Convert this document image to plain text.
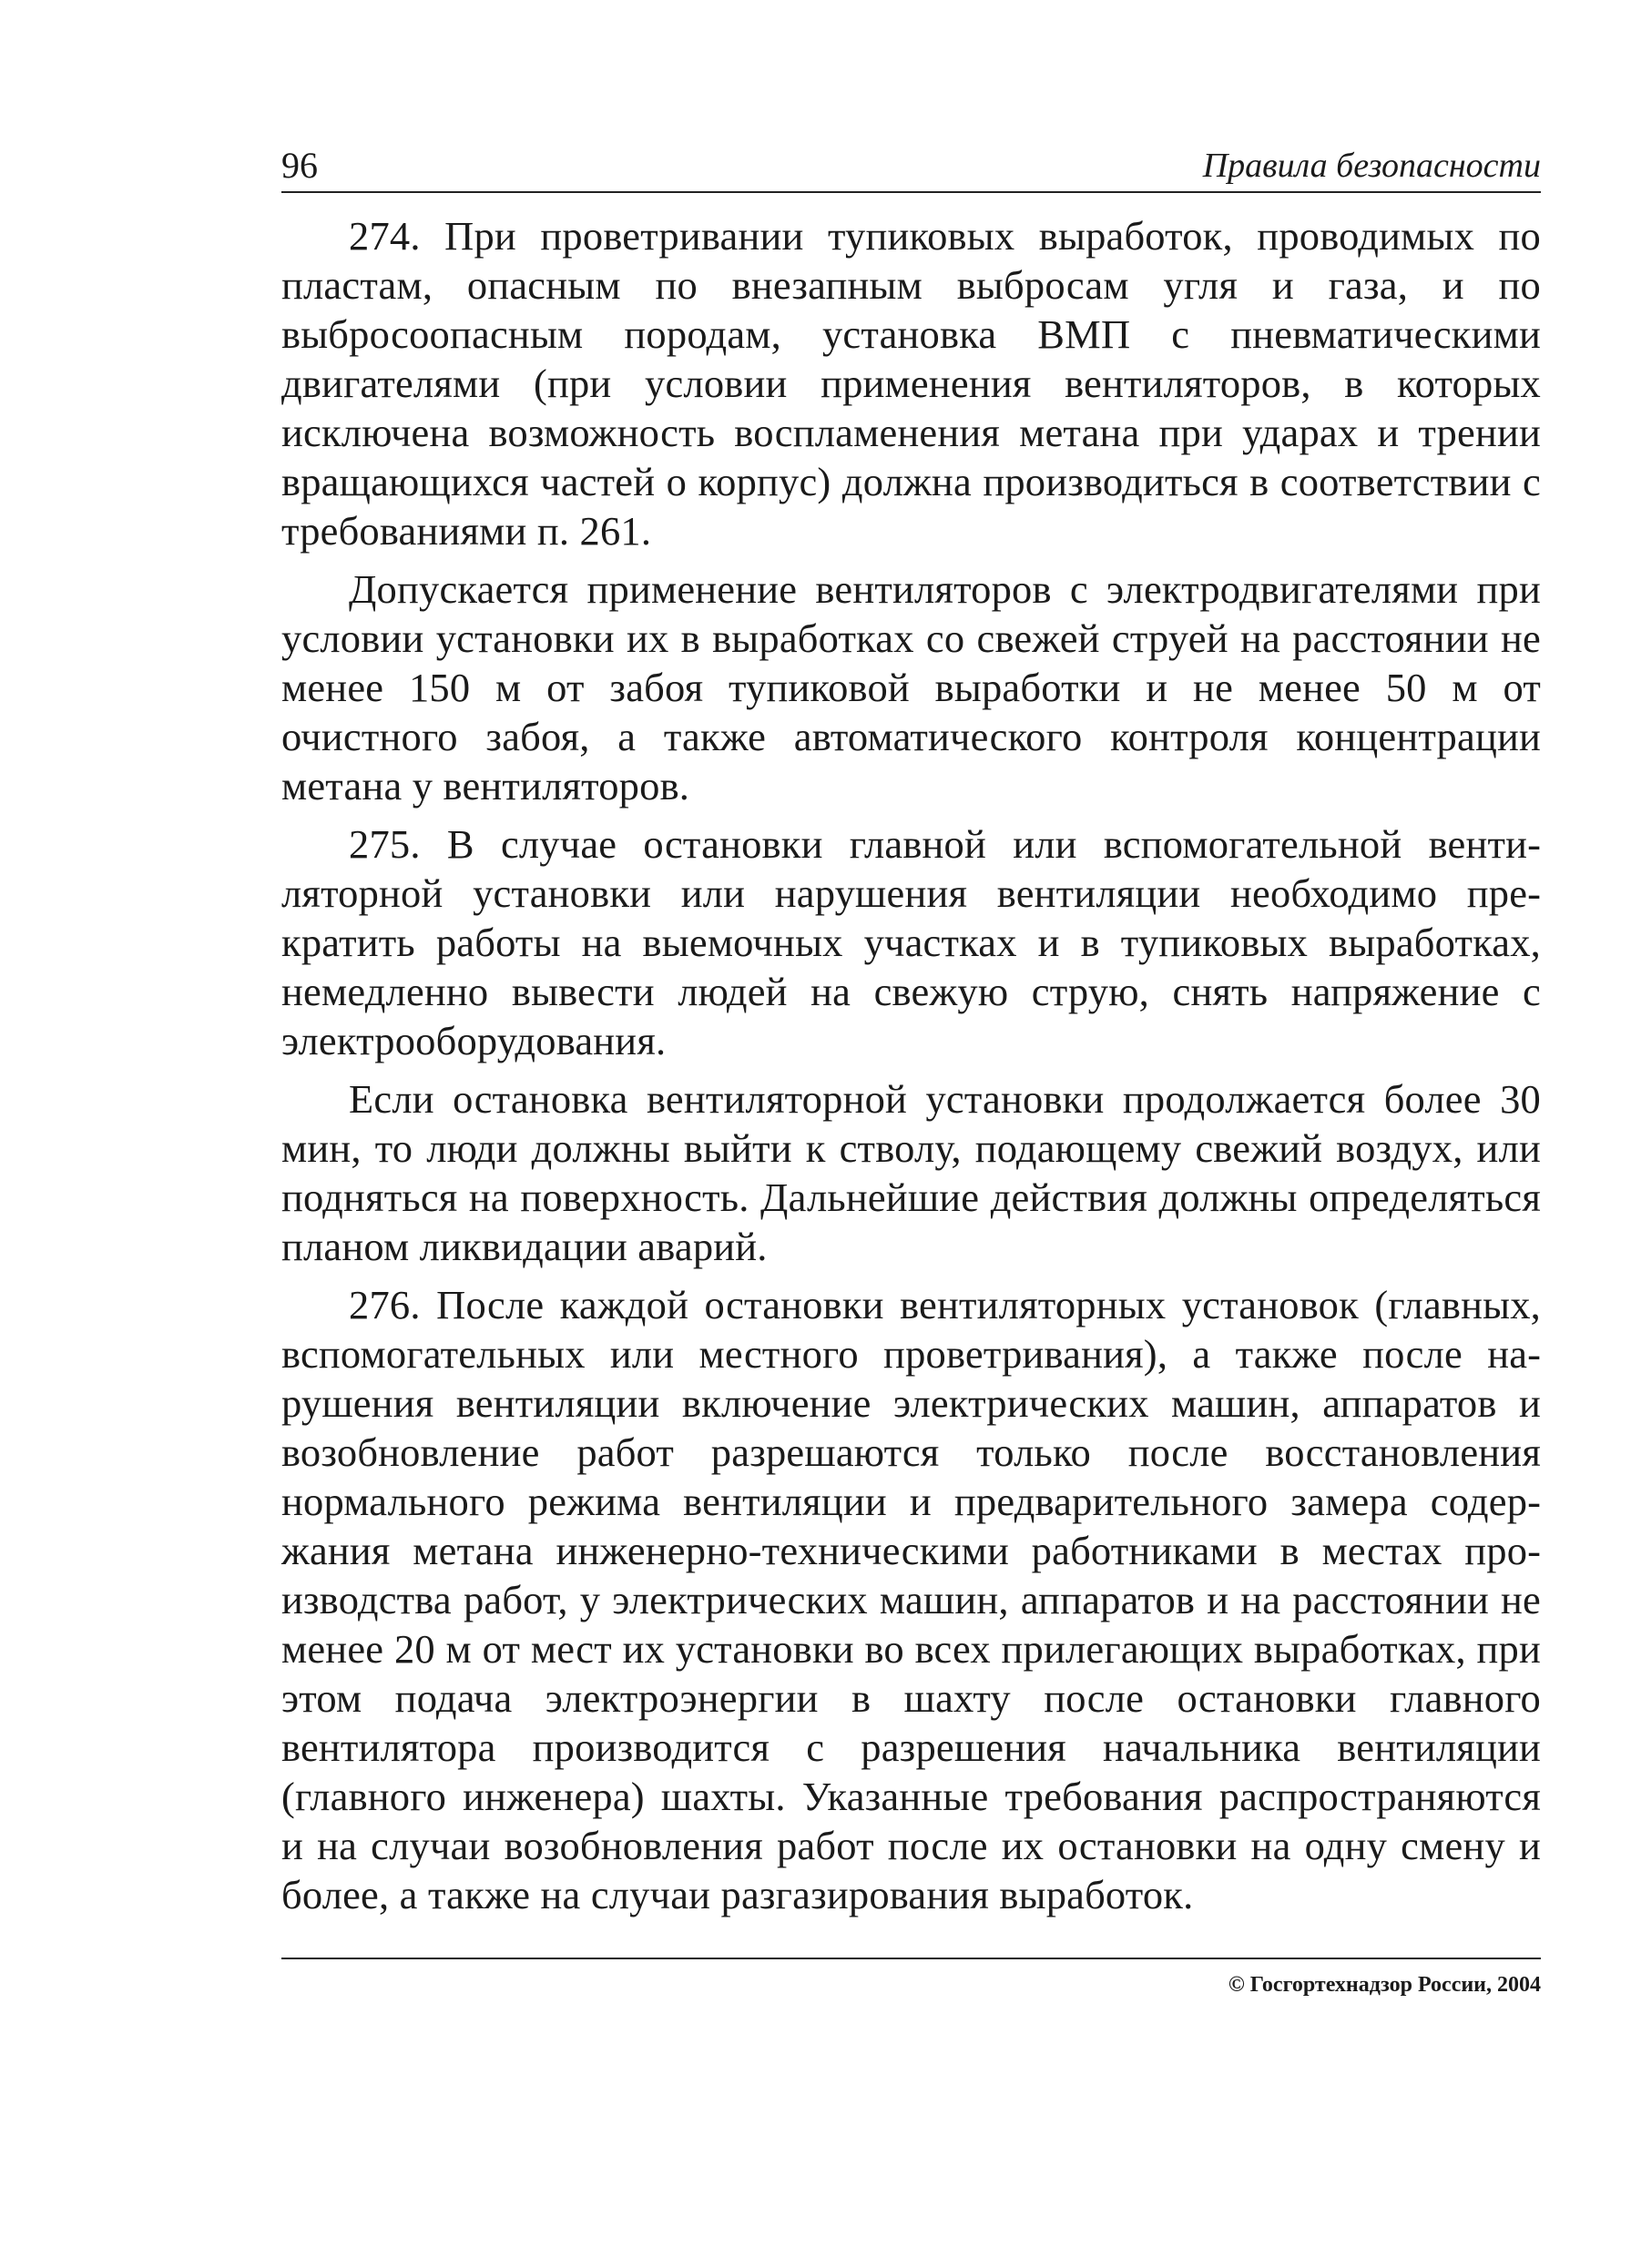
96	Правила безопасности

274. При проветривании тупиковых выработок, проводимых по пластам, опасным по внезапным выбросам угля и газа, и по выбросоопасным породам, установка ВМП с пневматическими двигателями (при условии применения вентиляторов, в которых исключена возможность воспламенения метана при ударах и трении вращающихся частей о корпус) должна производиться в соответствии с требованиями п. 261.

Допускается применение вентиляторов с электродвигателями при условии установки их в выработках со свежей струей на расстоянии не менее 150 м от забоя тупиковой выработки и не менее 50 м от очистного забоя, а также автоматического контроля концентрации метана у вентиляторов.

275. В случае остановки главной или вспомогательной вентиляторной установки или нарушения вентиляции необходимо прекратить работы на выемочных участках и в тупиковых выработках, немедленно вывести людей на свежую струю, снять напряжение с электрооборудования.

Если остановка вентиляторной установки продолжается более 30 мин, то люди должны выйти к стволу, подающему свежий воздух, или подняться на поверхность. Дальнейшие действия должны определяться планом ликвидации аварий.

276. После каждой остановки вентиляторных установок (главных, вспомогательных или местного проветривания), а также после нарушения вентиляции включение электрических машин, аппаратов и возобновление работ разрешаются только после восстановления нормального режима вентиляции и предварительного замера содержания метана инженерно-техническими работниками в местах производства работ, у электрических машин, аппаратов и на расстоянии не менее 20 м от мест их установки во всех прилегающих выработках, при этом подача электроэнергии в шахту после остановки главного вентилятора производится с разрешения начальника вентиляции (главного инженера) шахты. Указанные требования распространяются и на случаи возобновления работ после их остановки на одну смену и более, а также на случаи разгазирования выработок.

© Госгортехнадзор России, 2004
